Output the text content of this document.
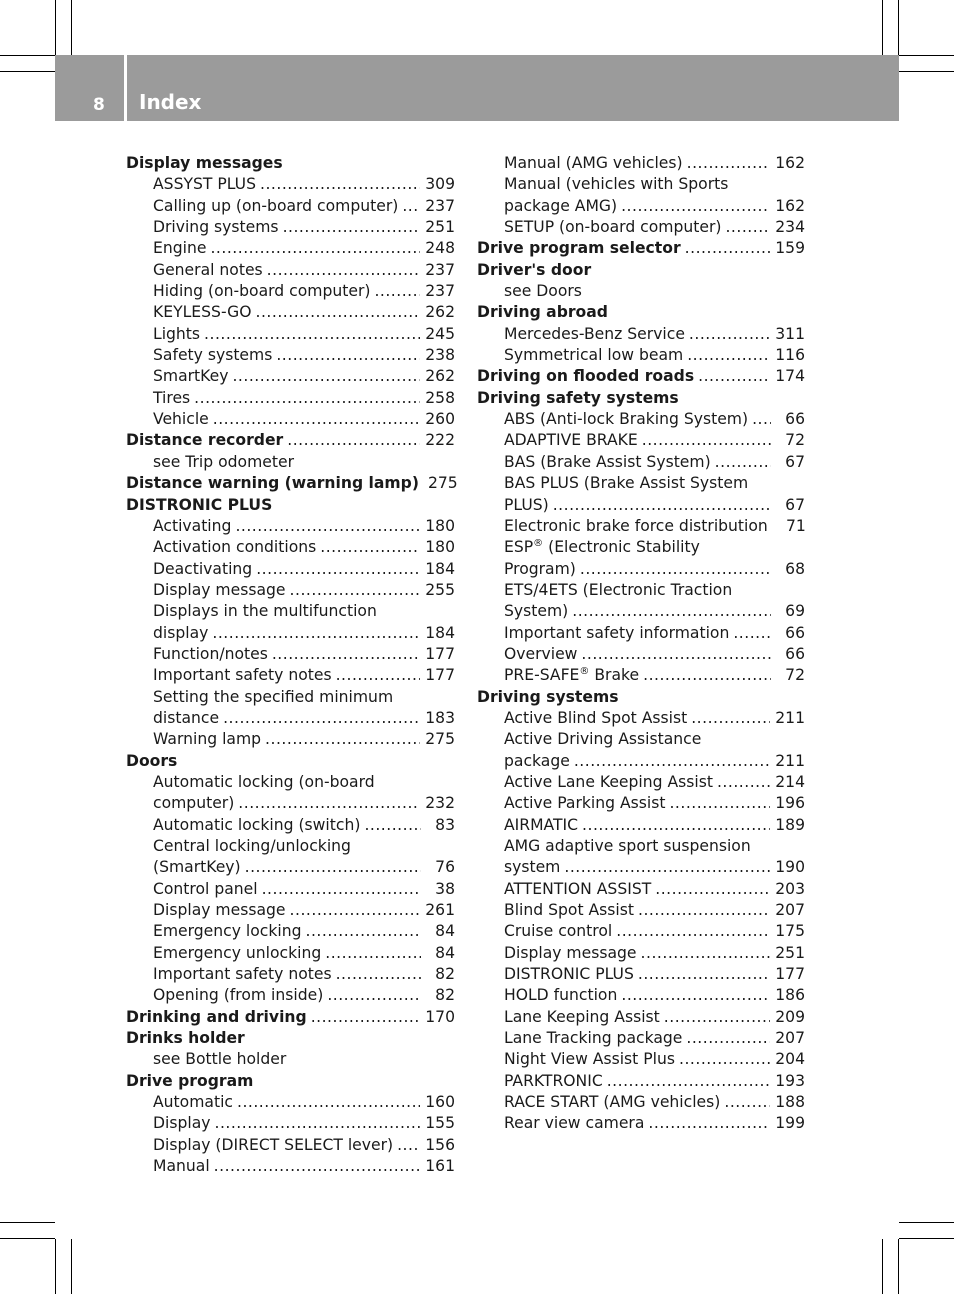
8 Index
Display messages
ASSYST PLUS .....	309
Calling up (on-board computer) ..... 237
Driving systems .....	251
Engine .....	248
General notes .....	237
Hiding (on-board computer) .....	237
KEYLESS-GO .....	262
Lights .....	245
Safety systems .....	238
SmartKey .....	262
Tires .....	258
Vehicle .....	260
Distance recorder .....	222
see Trip odometer
Distance warning (warning lamp) 275
DISTRONIC PLUS
Activating .....	180
Activation conditions .....	180
Deactivating .....	184
Display message .....	255
Displays in the multifunction
display .....	184
Function/notes .....	177
Important safety notes .....	177
Setting the specified minimum
distance .....	183
Warning lamp .....	275
Doors
Automatic locking (on-board
computer) .....	232
Automatic locking (switch) .....	83
Central locking/unlocking
(SmartKey) .....	76
Control panel .....	38
Display message .....	261
Emergency locking .....	84
Emergency unlocking .....	84
Important safety notes .....	82
Opening (from inside) .....	82
Drinking and driving .....	170
Drinks holder
see Bottle holder
Drive program
Automatic .....	160
Display .....	155
Display (DIRECT SELECT lever) ..... 156
Manual .....	161
Manual (AMG vehicles) .....	162
Manual (vehicles with Sports
package AMG) .....	162
SETUP (on-board computer) .....	234
Drive program selector .....	159
Driver's door
see Doors
Driving abroad
Mercedes-Benz Service .....	311
Symmetrical low beam .....	116
Driving on flooded roads .....	174
Driving safety systems
ABS (Anti-lock Braking System) .....	66
ADAPTIVE BRAKE .....	72
BAS (Brake Assist System) .....	67
BAS PLUS (Brake Assist System
PLUS) .....	67
Electronic brake force distribution	71
ESP® (Electronic Stability
Program) .....	68
ETS/4ETS (Electronic Traction
System) .....	69
Important safety information .....	66
Overview .....	66
PRE-SAFE® Brake .....	72
Driving systems
Active Blind Spot Assist .....	211
Active Driving Assistance
package .....	211
Active Lane Keeping Assist .....	214
Active Parking Assist .....	196
AIRMATIC .....	189
AMG adaptive sport suspension
system .....	190
ATTENTION ASSIST .....	203
Blind Spot Assist .....	207
Cruise control .....	175
Display message .....	251
DISTRONIC PLUS .....	177
HOLD function .....	186
Lane Keeping Assist .....	209
Lane Tracking package .....	207
Night View Assist Plus .....	204
PARKTRONIC .....	193
RACE START (AMG vehicles) .....	188
Rear view camera .....	199
